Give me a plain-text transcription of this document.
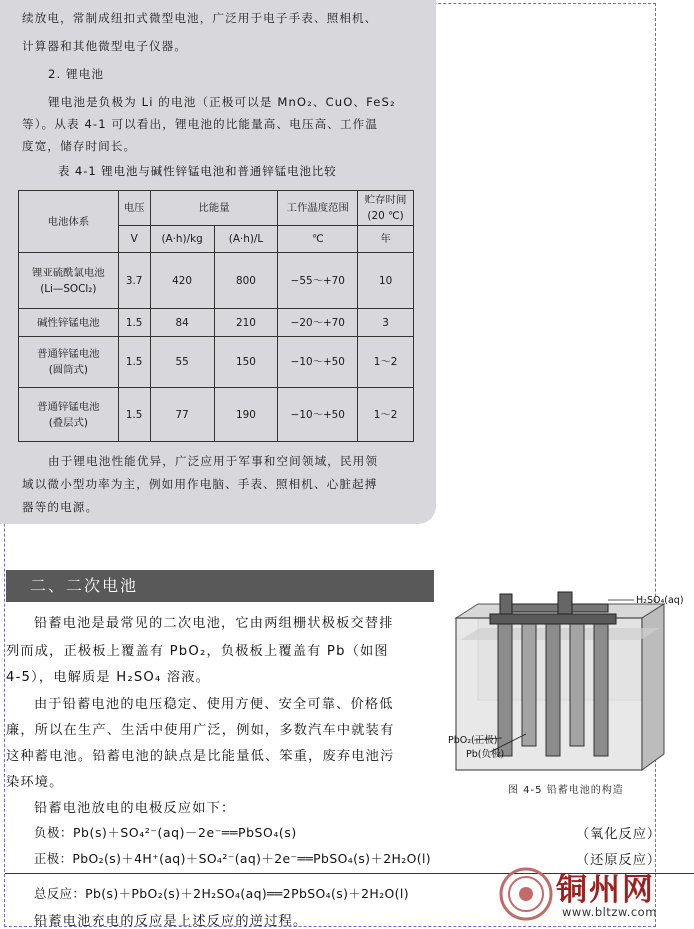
续放电，常制成纽扣式微型电池，广泛用于电子手表、照相机、
计算器和其他微型电子仪器。
2. 锂电池
锂电池是负极为 Li 的电池（正极可以是 MnO₂、CuO、FeS₂
等）。从表 4-1 可以看出，锂电池的比能量高、电压高、工作温
度宽，储存时间长。
表 4-1 锂电池与碱性锌锰电池和普通锌锰电池比较
电池体系	电压	比能量		工作温度范围	贮存时间
(20 ℃)
	V	(A·h)/kg	(A·h)/L	℃	年
锂亚硫酰氯电池
(Li—SOCl₂)	3.7	420	800	−55～+70	10
碱性锌锰电池	1.5	84	210	−20～+70	3
普通锌锰电池
(圆筒式)	1.5	55	150	−10～+50	1～2
普通锌锰电池
(叠层式)	1.5	77	190	−10～+50	1～2
由于锂电池性能优异，广泛应用于军事和空间领域，民用领
域以微小型功率为主，例如用作电脑、手表、照相机、心脏起搏
器等的电源。
二、二次电池
铅蓄电池是最常见的二次电池，它由两组栅状极板交替排
列而成，正极板上覆盖有 PbO₂，负极板上覆盖有 Pb（如图
4-5），电解质是 H₂SO₄ 溶液。
由于铅蓄电池的电压稳定、使用方便、安全可靠、价格低
廉，所以在生产、生活中使用广泛，例如，多数汽车中就装有
这种蓄电池。铅蓄电池的缺点是比能量低、笨重，废弃电池污
染环境。
铅蓄电池放电的电极反应如下：
负极：Pb(s)＋SO₄²⁻(aq)－2e⁻══PbSO₄(s)	（氧化反应）
正极：PbO₂(s)＋4H⁺(aq)＋SO₄²⁻(aq)＋2e⁻══PbSO₄(s)＋2H₂O(l)	（还原反应）
总反应：Pb(s)＋PbO₂(s)＋2H₂SO₄(aq)══2PbSO₄(s)＋2H₂O(l)
铅蓄电池充电的反应是上述反应的逆过程。
H₂SO₄(aq)
PbO₂(正极)
Pb(负极)
图 4-5 铅蓄电池的构造
铜州网
www.bltzw.com
